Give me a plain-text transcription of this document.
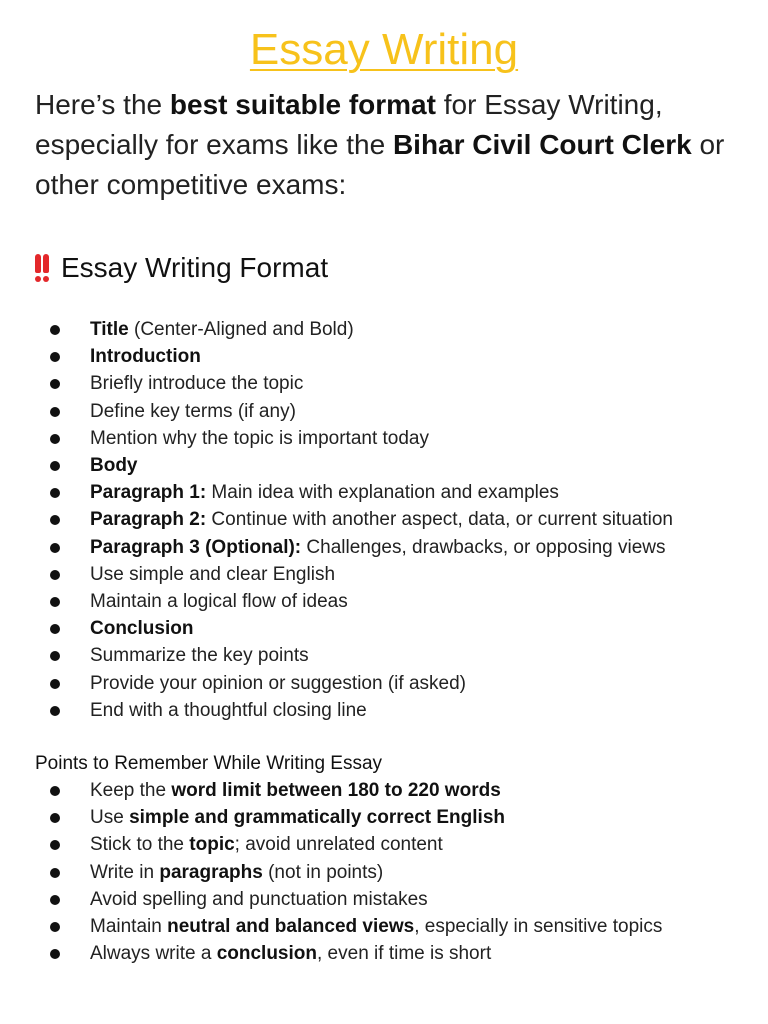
Essay Writing

Here’s the best suitable format for Essay Writing, especially for exams like the Bihar Civil Court Clerk or other competitive exams:

Essay Writing Format
Title (Center-Aligned and Bold)
Introduction
Briefly introduce the topic
Define key terms (if any)
Mention why the topic is important today
Body
Paragraph 1: Main idea with explanation and examples
Paragraph 2: Continue with another aspect, data, or current situation
Paragraph 3 (Optional): Challenges, drawbacks, or opposing views
Use simple and clear English
Maintain a logical flow of ideas
Conclusion
Summarize the key points
Provide your opinion or suggestion (if asked)
End with a thoughtful closing line

Points to Remember While Writing Essay

Keep the word limit between 180 to 220 words
Use simple and grammatically correct English
Stick to the topic; avoid unrelated content
Write in paragraphs (not in points)
Avoid spelling and punctuation mistakes
Maintain neutral and balanced views, especially in sensitive topics
Always write a conclusion, even if time is short
